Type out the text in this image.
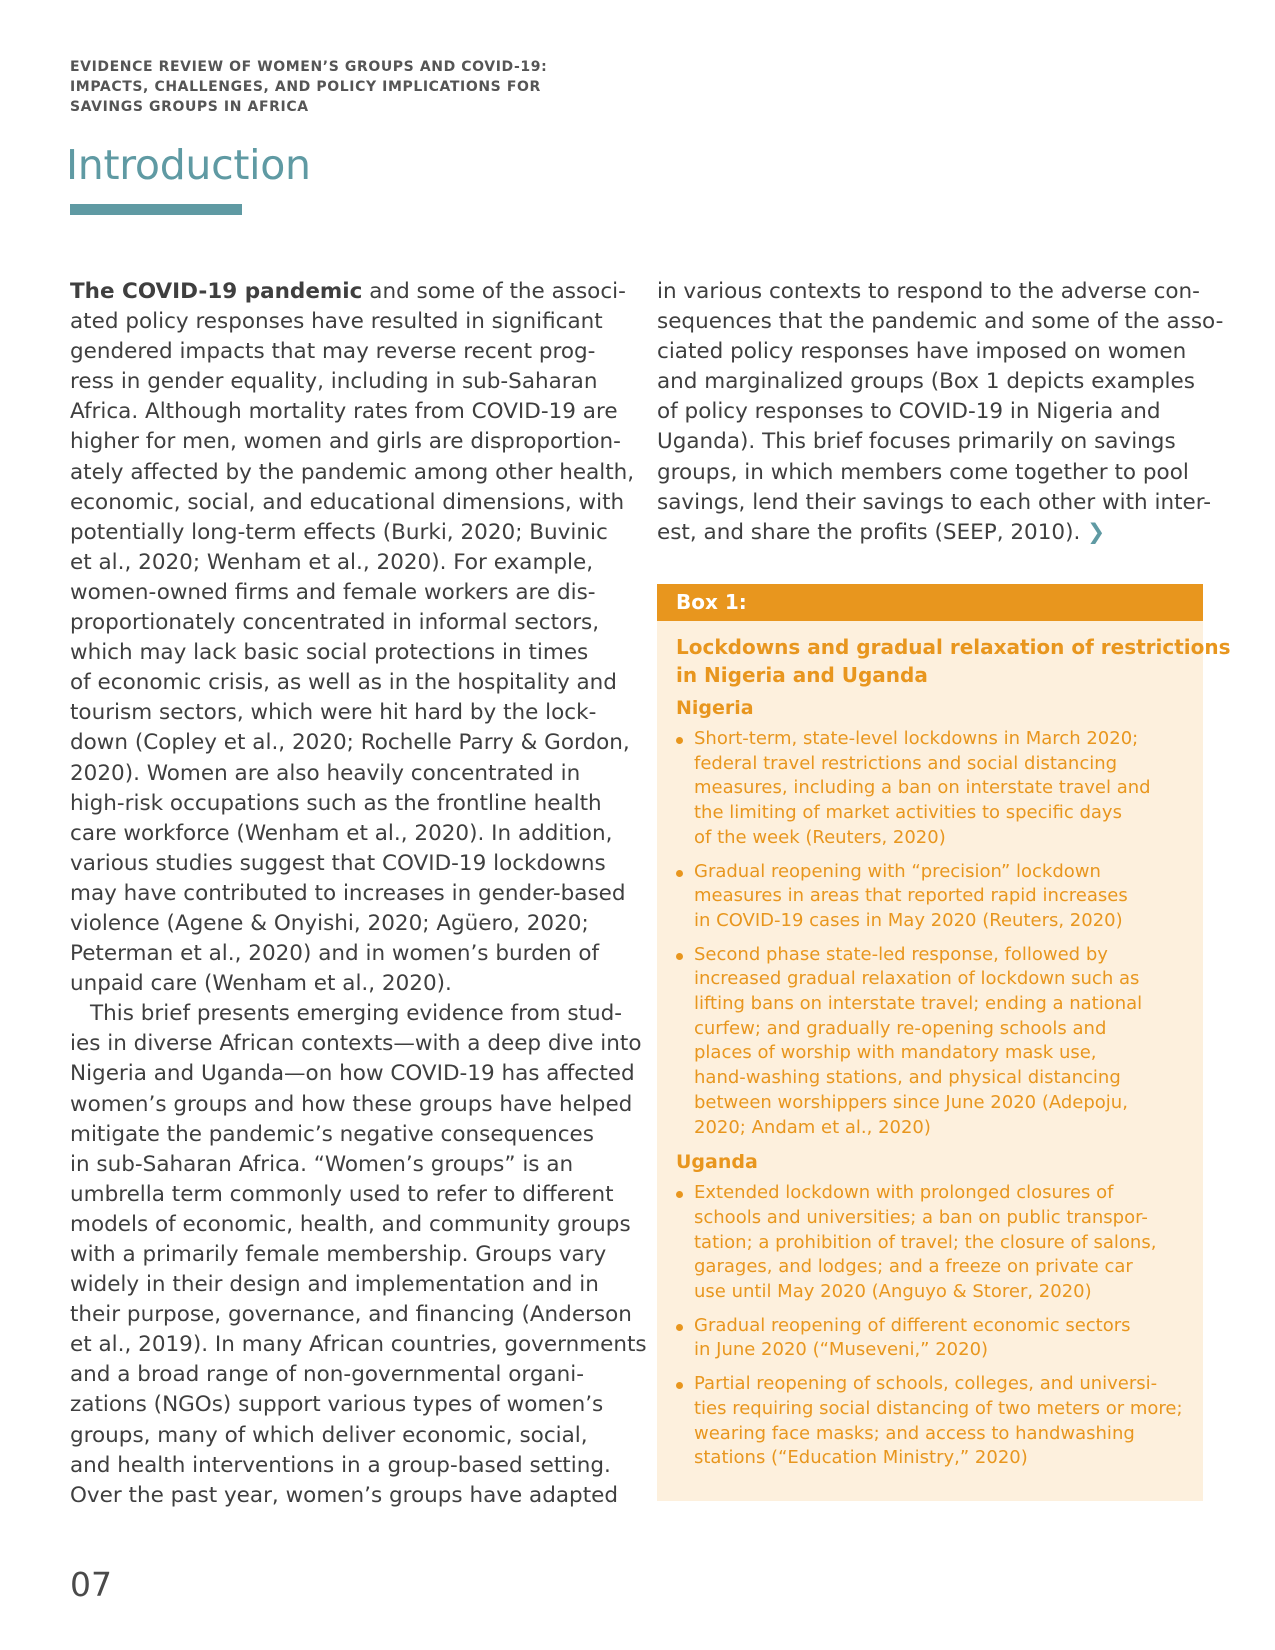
EVIDENCE REVIEW OF WOMEN’S GROUPS AND COVID-19:
IMPACTS, CHALLENGES, AND POLICY IMPLICATIONS FOR
SAVINGS GROUPS IN AFRICA
Introduction

The COVID-19 pandemic and some of the associ-
ated policy responses have resulted in significant
gendered impacts that may reverse recent prog-
ress in gender equality, including in sub-Saharan
Africa. Although mortality rates from COVID-19 are
higher for men, women and girls are disproportion-
ately affected by the pandemic among other health,
economic, social, and educational dimensions, with
potentially long-term effects (Burki, 2020; Buvinic
et al., 2020; Wenham et al., 2020). For example,
women-owned firms and female workers are dis-
proportionately concentrated in informal sectors,
which may lack basic social protections in times
of economic crisis, as well as in the hospitality and
tourism sectors, which were hit hard by the lock-
down (Copley et al., 2020; Rochelle Parry & Gordon,
2020). Women are also heavily concentrated in
high-risk occupations such as the frontline health
care workforce (Wenham et al., 2020). In addition,
various studies suggest that COVID-19 lockdowns
may have contributed to increases in gender-based
violence (Agene & Onyishi, 2020; Agüero, 2020;
Peterman et al., 2020) and in women’s burden of
unpaid care (Wenham et al., 2020).

This brief presents emerging evidence from stud-
ies in diverse African contexts—with a deep dive into
Nigeria and Uganda—on how COVID-19 has affected
women’s groups and how these groups have helped
mitigate the pandemic’s negative consequences
in sub-Saharan Africa. “Women’s groups” is an
umbrella term commonly used to refer to different
models of economic, health, and community groups
with a primarily female membership. Groups vary
widely in their design and implementation and in
their purpose, governance, and financing (Anderson
et al., 2019). In many African countries, governments
and a broad range of non-governmental organi-
zations (NGOs) support various types of women’s
groups, many of which deliver economic, social,
and health interventions in a group-based setting.
Over the past year, women’s groups have adapted

in various contexts to respond to the adverse con-
sequences that the pandemic and some of the asso-
ciated policy responses have imposed on women
and marginalized groups (Box 1 depicts examples
of policy responses to COVID-19 in Nigeria and
Uganda). This brief focuses primarily on savings
groups, in which members come together to pool
savings, lend their savings to each other with inter-
est, and share the profits (SEEP, 2010). ❯

Box 1:
Lockdowns and gradual relaxation of restrictions
in Nigeria and Uganda
Nigeria
Short-term, state-level lockdowns in March 2020;
federal travel restrictions and social distancing
measures, including a ban on interstate travel and
the limiting of market activities to specific days
of the week (Reuters, 2020)
Gradual reopening with “precision” lockdown
measures in areas that reported rapid increases
in COVID-19 cases in May 2020 (Reuters, 2020)
Second phase state-led response, followed by
increased gradual relaxation of lockdown such as
lifting bans on interstate travel; ending a national
curfew; and gradually re-opening schools and
places of worship with mandatory mask use,
hand-washing stations, and physical distancing
between worshippers since June 2020 (Adepoju,
2020; Andam et al., 2020)
Uganda
Extended lockdown with prolonged closures of
schools and universities; a ban on public transpor-
tation; a prohibition of travel; the closure of salons,
garages, and lodges; and a freeze on private car
use until May 2020 (Anguyo & Storer, 2020)
Gradual reopening of different economic sectors
in June 2020 (“Museveni,” 2020)
Partial reopening of schools, colleges, and universi-
ties requiring social distancing of two meters or more;
wearing face masks; and access to handwashing
stations (“Education Ministry,” 2020)
07
